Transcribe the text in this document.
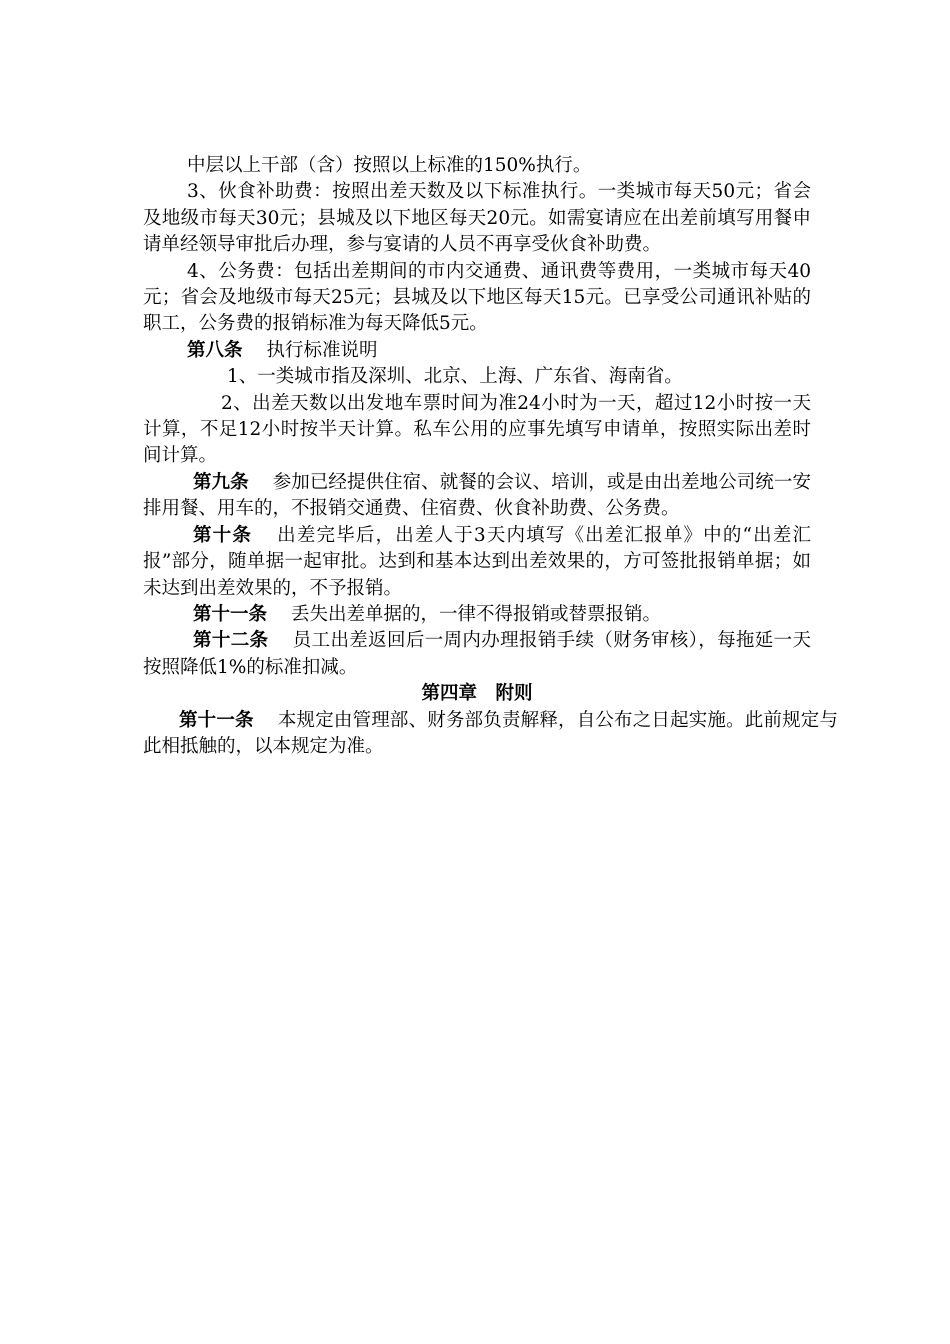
中层以上干部（含）按照以上标准的150%执行。

3、伙食补助费：按照出差天数及以下标准执行。一类城市每天50元；省会及地级市每天30元；县城及以下地区每天20元。如需宴请应在出差前填写用餐申请单经领导审批后办理，参与宴请的人员不再享受伙食补助费。

4、公务费：包括出差期间的市内交通费、通讯费等费用，一类城市每天40元；省会及地级市每天25元；县城及以下地区每天15元。已享受公司通讯补贴的职工，公务费的报销标准为每天降低5元。

第八条 执行标准说明

1、一类城市指及深圳、北京、上海、广东省、海南省。

2、出差天数以出发地车票时间为准24小时为一天，超过12小时按一天计算，不足12小时按半天计算。私车公用的应事先填写申请单，按照实际出差时间计算。

第九条 参加已经提供住宿、就餐的会议、培训，或是由出差地公司统一安排用餐、用车的，不报销交通费、住宿费、伙食补助费、公务费。

第十条 出差完毕后，出差人于3天内填写《出差汇报单》中的“出差汇报”部分，随单据一起审批。达到和基本达到出差效果的，方可签批报销单据；如未达到出差效果的，不予报销。

第十一条 丢失出差单据的，一律不得报销或替票报销。

第十二条 员工出差返回后一周内办理报销手续（财务审核），每拖延一天按照降低1%的标准扣减。

第四章　附则

第十一条 本规定由管理部、财务部负责解释，自公布之日起实施。此前规定与此相抵触的，以本规定为准。
